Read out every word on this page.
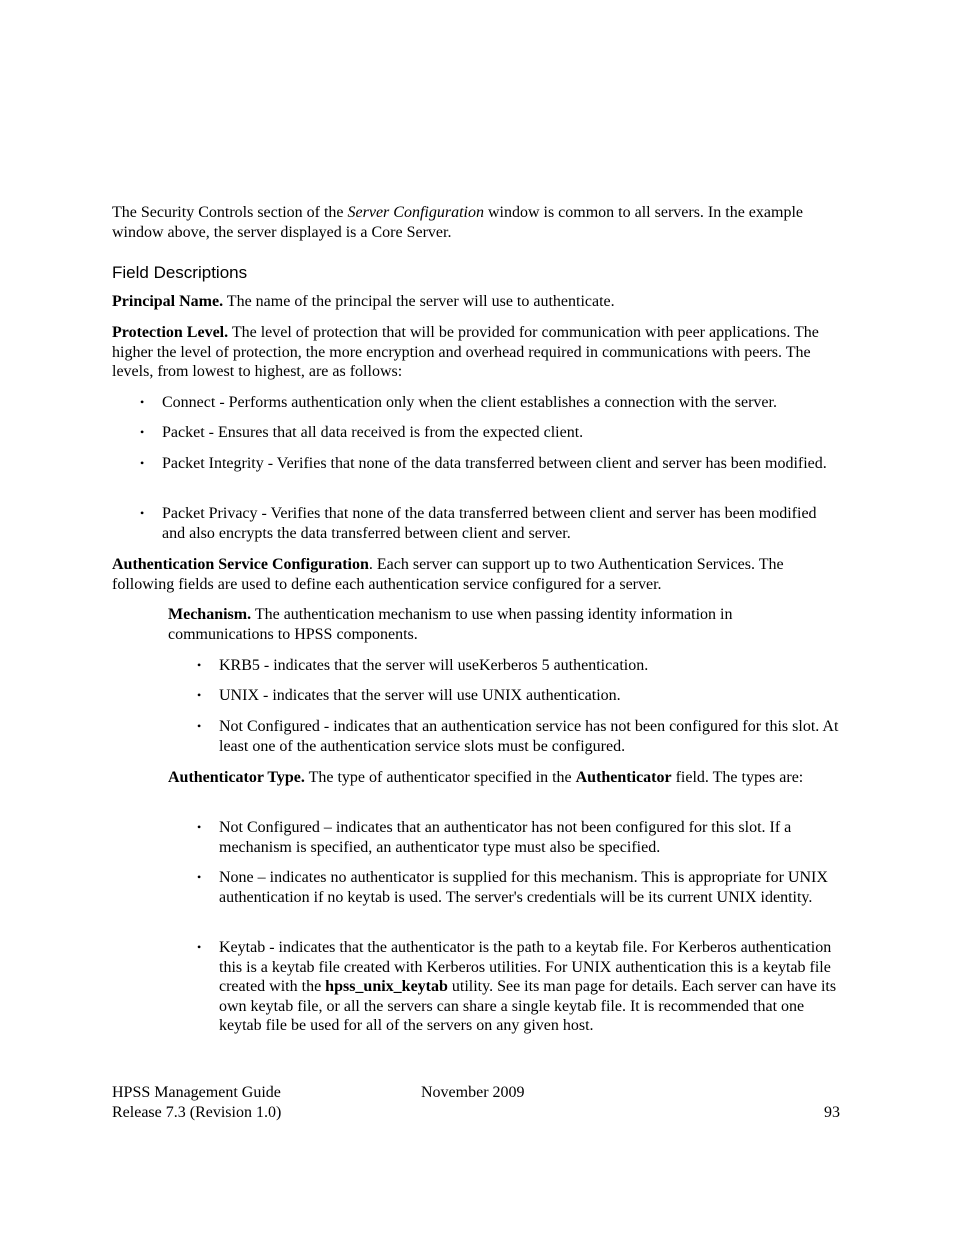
The Security Controls section of the Server Configuration window is common to all servers. In the example window above, the server displayed is a Core Server.

Field Descriptions

Principal Name. The name of the principal the server will use to authenticate.

Protection Level. The level of protection that will be provided for communication with peer applications. The higher the level of protection, the more encryption and overhead required in communications with peers. The levels, from lowest to highest, are as follows:

• Connect - Performs authentication only when the client establishes a connection with the server.
• Packet - Ensures that all data received is from the expected client.
• Packet Integrity - Verifies that none of the data transferred between client and server has been modified.
• Packet Privacy - Verifies that none of the data transferred between client and server has been modified and also encrypts the data transferred between client and server.

Authentication Service Configuration. Each server can support up to two Authentication Services. The following fields are used to define each authentication service configured for a server.

Mechanism. The authentication mechanism to use when passing identity information in communications to HPSS components.

• KRB5 - indicates that the server will useKerberos 5 authentication.
• UNIX - indicates that the server will use UNIX authentication.
• Not Configured - indicates that an authentication service has not been configured for this slot. At least one of the authentication service slots must be configured.

Authenticator Type. The type of authenticator specified in the Authenticator field. The types are:

• Not Configured – indicates that an authenticator has not been configured for this slot. If a mechanism is specified, an authenticator type must also be specified.
• None – indicates no authenticator is supplied for this mechanism. This is appropriate for UNIX authentication if no keytab is used. The server's credentials will be its current UNIX identity.
• Keytab - indicates that the authenticator is the path to a keytab file. For Kerberos authentication this is a keytab file created with Kerberos utilities. For UNIX authentication this is a keytab file created with the hpss_unix_keytab utility. See its man page for details. Each server can have its own keytab file, or all the servers can share a single keytab file. It is recommended that one keytab file be used for all of the servers on any given host.

HPSS Management Guide

Release 7.3 (Revision 1.0)

November 2009

93
